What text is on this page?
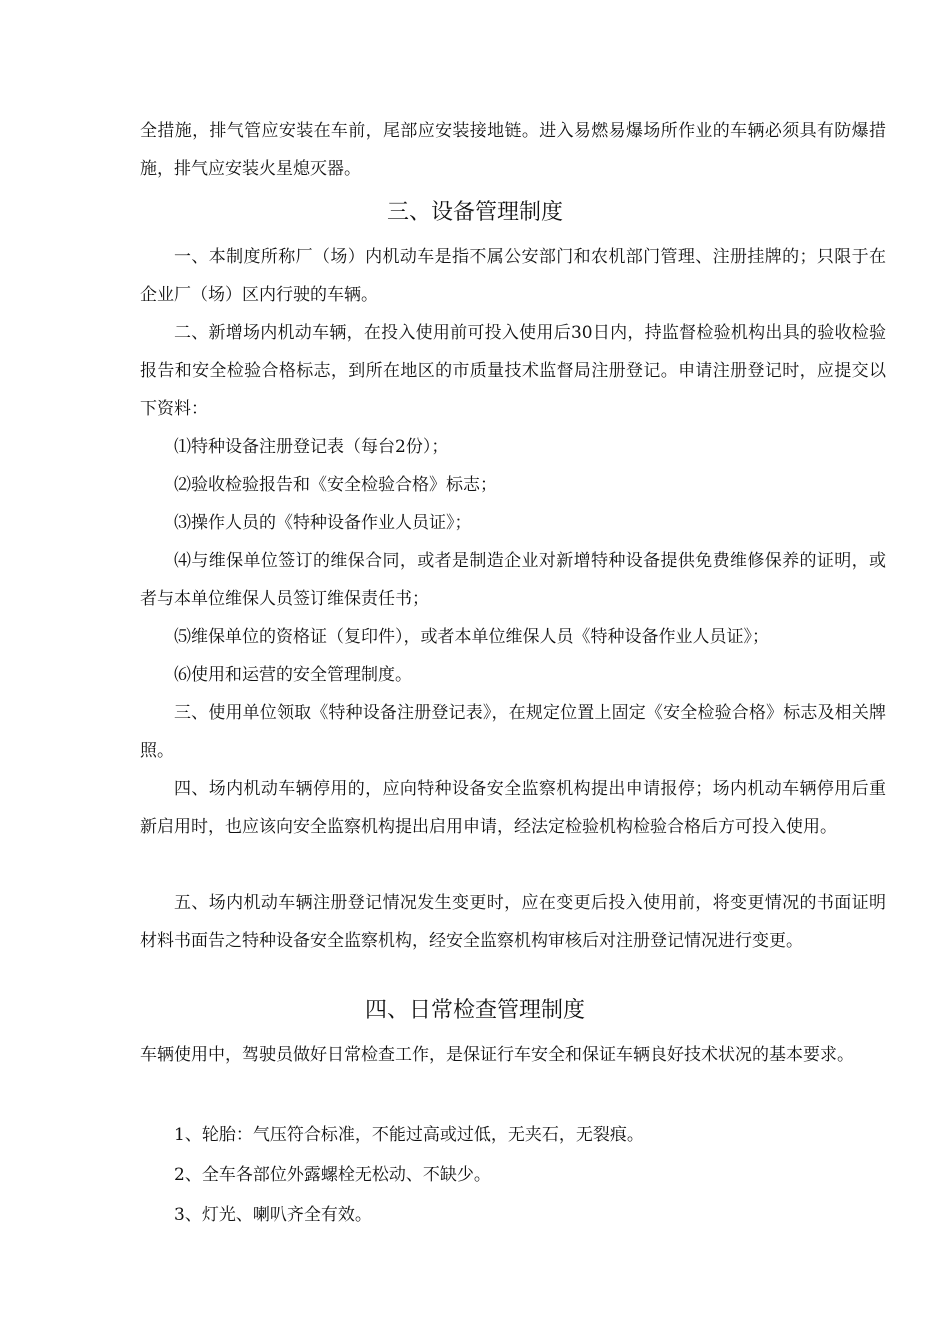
全措施，排气管应安装在车前，尾部应安装接地链。进入易燃易爆场所作业的车辆必须具有防爆措施，排气应安装火星熄灭器。

三、设备管理制度

一、本制度所称厂（场）内机动车是指不属公安部门和农机部门管理、注册挂牌的；只限于在企业厂（场）区内行驶的车辆。

二、新增场内机动车辆，在投入使用前可投入使用后30日内，持监督检验机构出具的验收检验报告和安全检验合格标志，到所在地区的市质量技术监督局注册登记。申请注册登记时，应提交以下资料：

⑴特种设备注册登记表（每台2份）；

⑵验收检验报告和《安全检验合格》标志；

⑶操作人员的《特种设备作业人员证》；

⑷与维保单位签订的维保合同，或者是制造企业对新增特种设备提供免费维修保养的证明，或者与本单位维保人员签订维保责任书；

⑸维保单位的资格证（复印件），或者本单位维保人员《特种设备作业人员证》；

⑹使用和运营的安全管理制度。

三、使用单位领取《特种设备注册登记表》，在规定位置上固定《安全检验合格》标志及相关牌照。

四、场内机动车辆停用的，应向特种设备安全监察机构提出申请报停；场内机动车辆停用后重新启用时，也应该向安全监察机构提出启用申请，经法定检验机构检验合格后方可投入使用。

五、场内机动车辆注册登记情况发生变更时，应在变更后投入使用前，将变更情况的书面证明材料书面告之特种设备安全监察机构，经安全监察机构审核后对注册登记情况进行变更。

四、日常检查管理制度

车辆使用中，驾驶员做好日常检查工作，是保证行车安全和保证车辆良好技术状况的基本要求。

1、轮胎：气压符合标准，不能过高或过低，无夹石，无裂痕。

2、全车各部位外露螺栓无松动、不缺少。

3、灯光、喇叭齐全有效。
